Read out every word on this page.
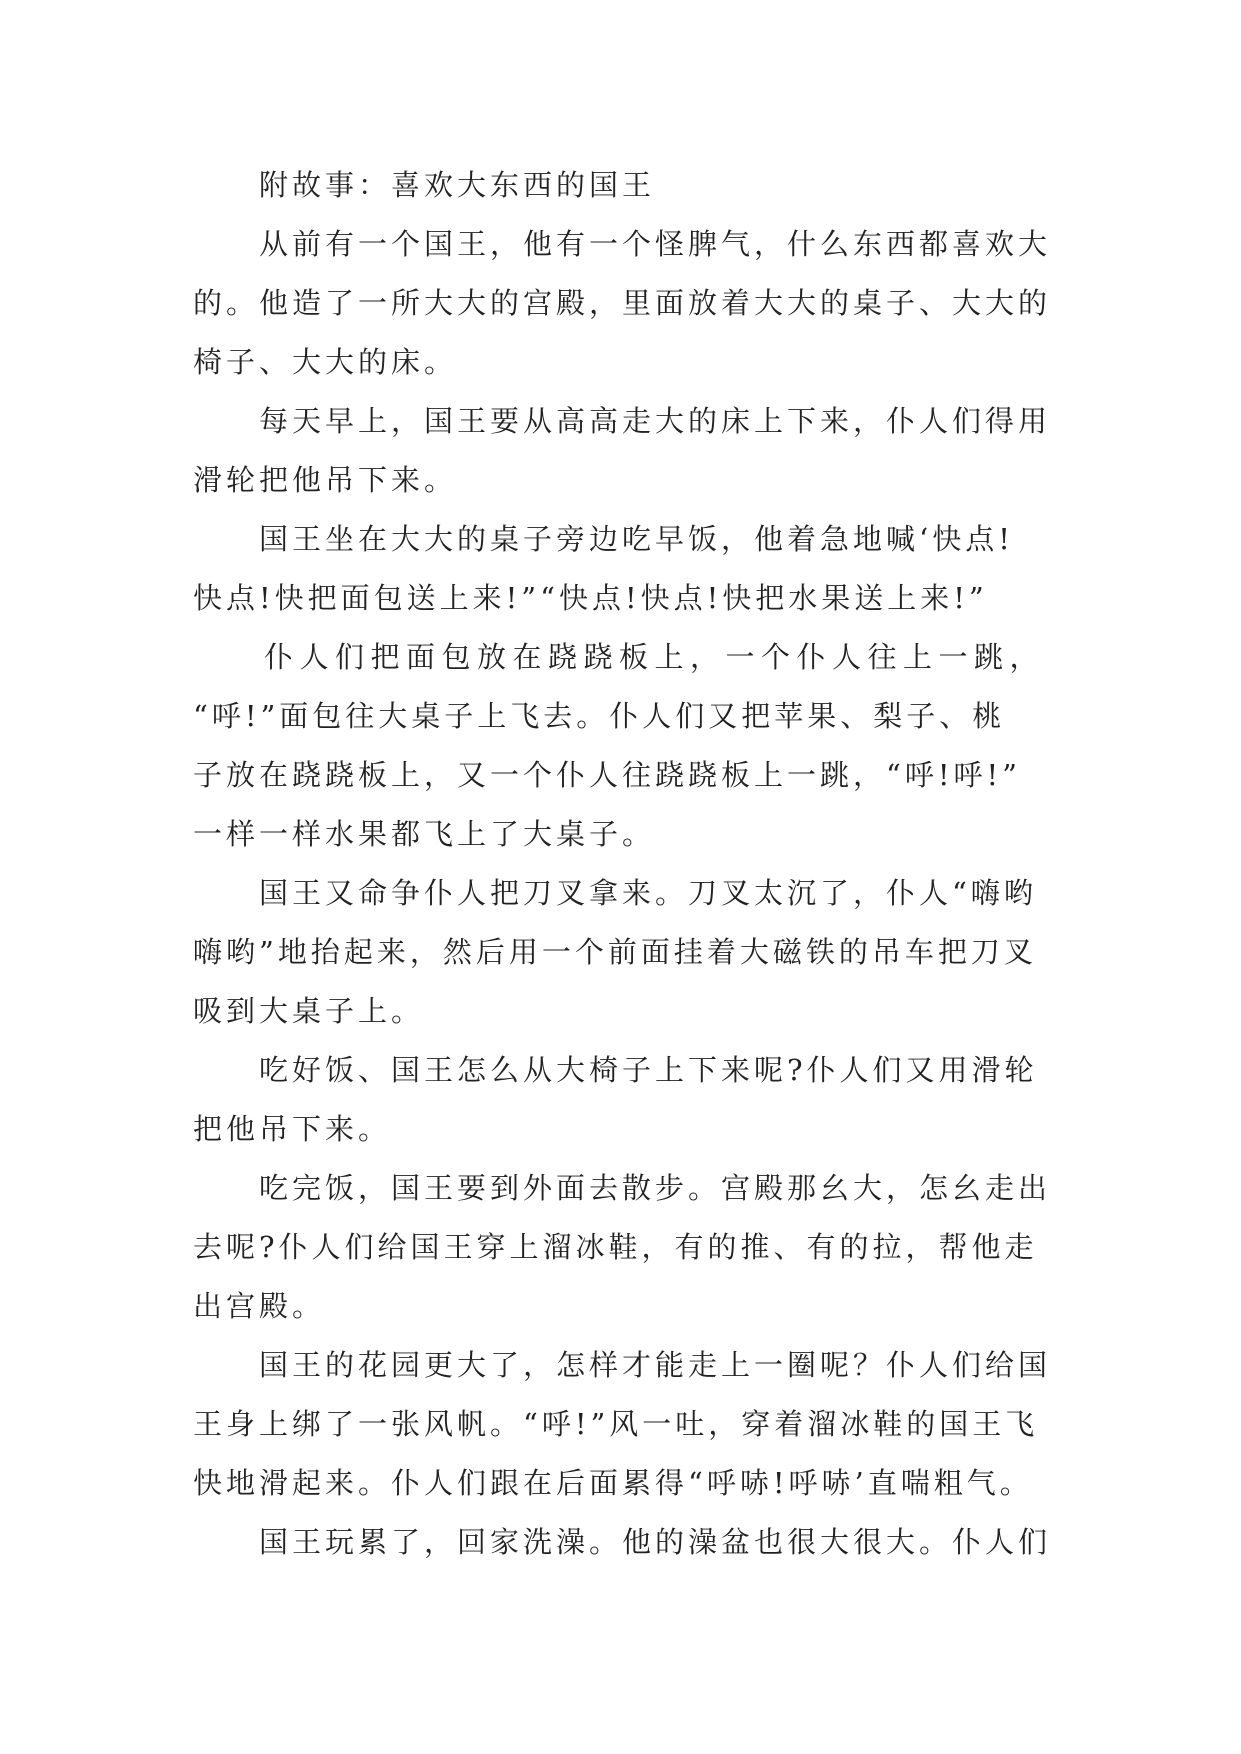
附故事：喜欢大东西的国王
从前有一个国王，他有一个怪脾气，什么东西都喜欢大
的。他造了一所大大的宫殿，里面放着大大的桌子、大大的
椅子、大大的床。
每天早上，国王要从高高走大的床上下来，仆人们得用
滑轮把他吊下来。
国王坐在大大的桌子旁边吃早饭，他着急地喊‘快点!
快点!快把面包送上来!”“快点!快点!快把水果送上来!”
仆人们把面包放在跷跷板上，一个仆人往上一跳，
“呼!”面包往大桌子上飞去。仆人们又把苹果、梨子、桃
子放在跷跷板上，又一个仆人往跷跷板上一跳，“呼!呼!”
一样一样水果都飞上了大桌子。
国王又命争仆人把刀叉拿来。刀叉太沉了，仆人“嗨哟
嗨哟”地抬起来，然后用一个前面挂着大磁铁的吊车把刀叉
吸到大桌子上。
吃好饭、国王怎么从大椅子上下来呢?仆人们又用滑轮
把他吊下来。
吃完饭，国王要到外面去散步。宫殿那幺大，怎幺走出
去呢?仆人们给国王穿上溜冰鞋，有的推、有的拉，帮他走
出宫殿。
国王的花园更大了，怎样才能走上一圈呢？仆人们给国
王身上绑了一张风帆。“呼!”风一吐，穿着溜冰鞋的国王飞
快地滑起来。仆人们跟在后面累得“呼哧!呼哧’直喘粗气。
国王玩累了，回家洗澡。他的澡盆也很大很大。仆人们
